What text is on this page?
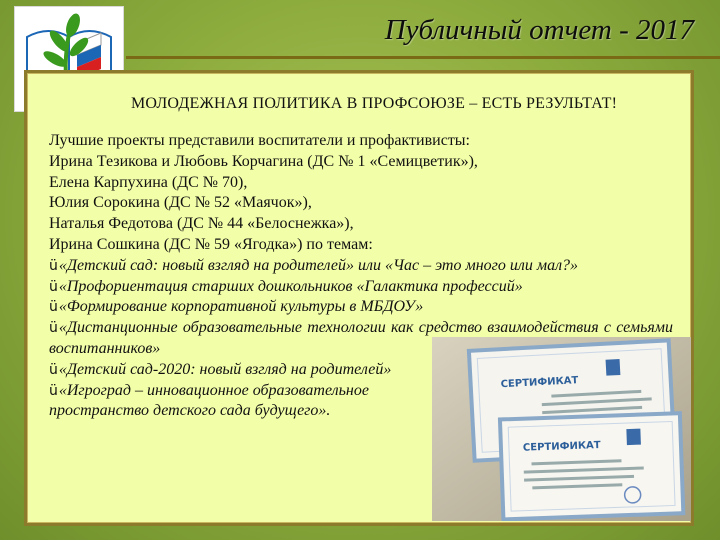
Публичный отчет - 2017
МОЛОДЕЖНАЯ ПОЛИТИКА В ПРОФСОЮЗЕ – ЕСТЬ РЕЗУЛЬТАТ!
Лучшие проекты представили воспитатели и профактивисты:
Ирина Тезикова и Любовь Корчагина (ДС № 1 «Семицветик»),
Елена Карпухина (ДС № 70),
Юлия Сорокина (ДС № 52 «Маячок»),
Наталья Федотова (ДС № 44 «Белоснежка»),
Ирина Сошкина (ДС № 59 «Ягодка») по темам:
ü«Детский сад: новый взгляд на родителей» или «Час – это много или мал?»
ü«Профориентация старших дошкольников «Галактика профессий»
ü«Формирование корпоративной культуры в МБДОУ»
ü«Дистанционные образовательные технологии как средство взаимодействия с семьями воспитанников»
ü«Детский сад-2020: новый взгляд на родителей»
ü«Игроград – инновационное образовательное пространство детского сада будущего».
СЕРТИФИКАТ
СЕРТИФИКАТ
